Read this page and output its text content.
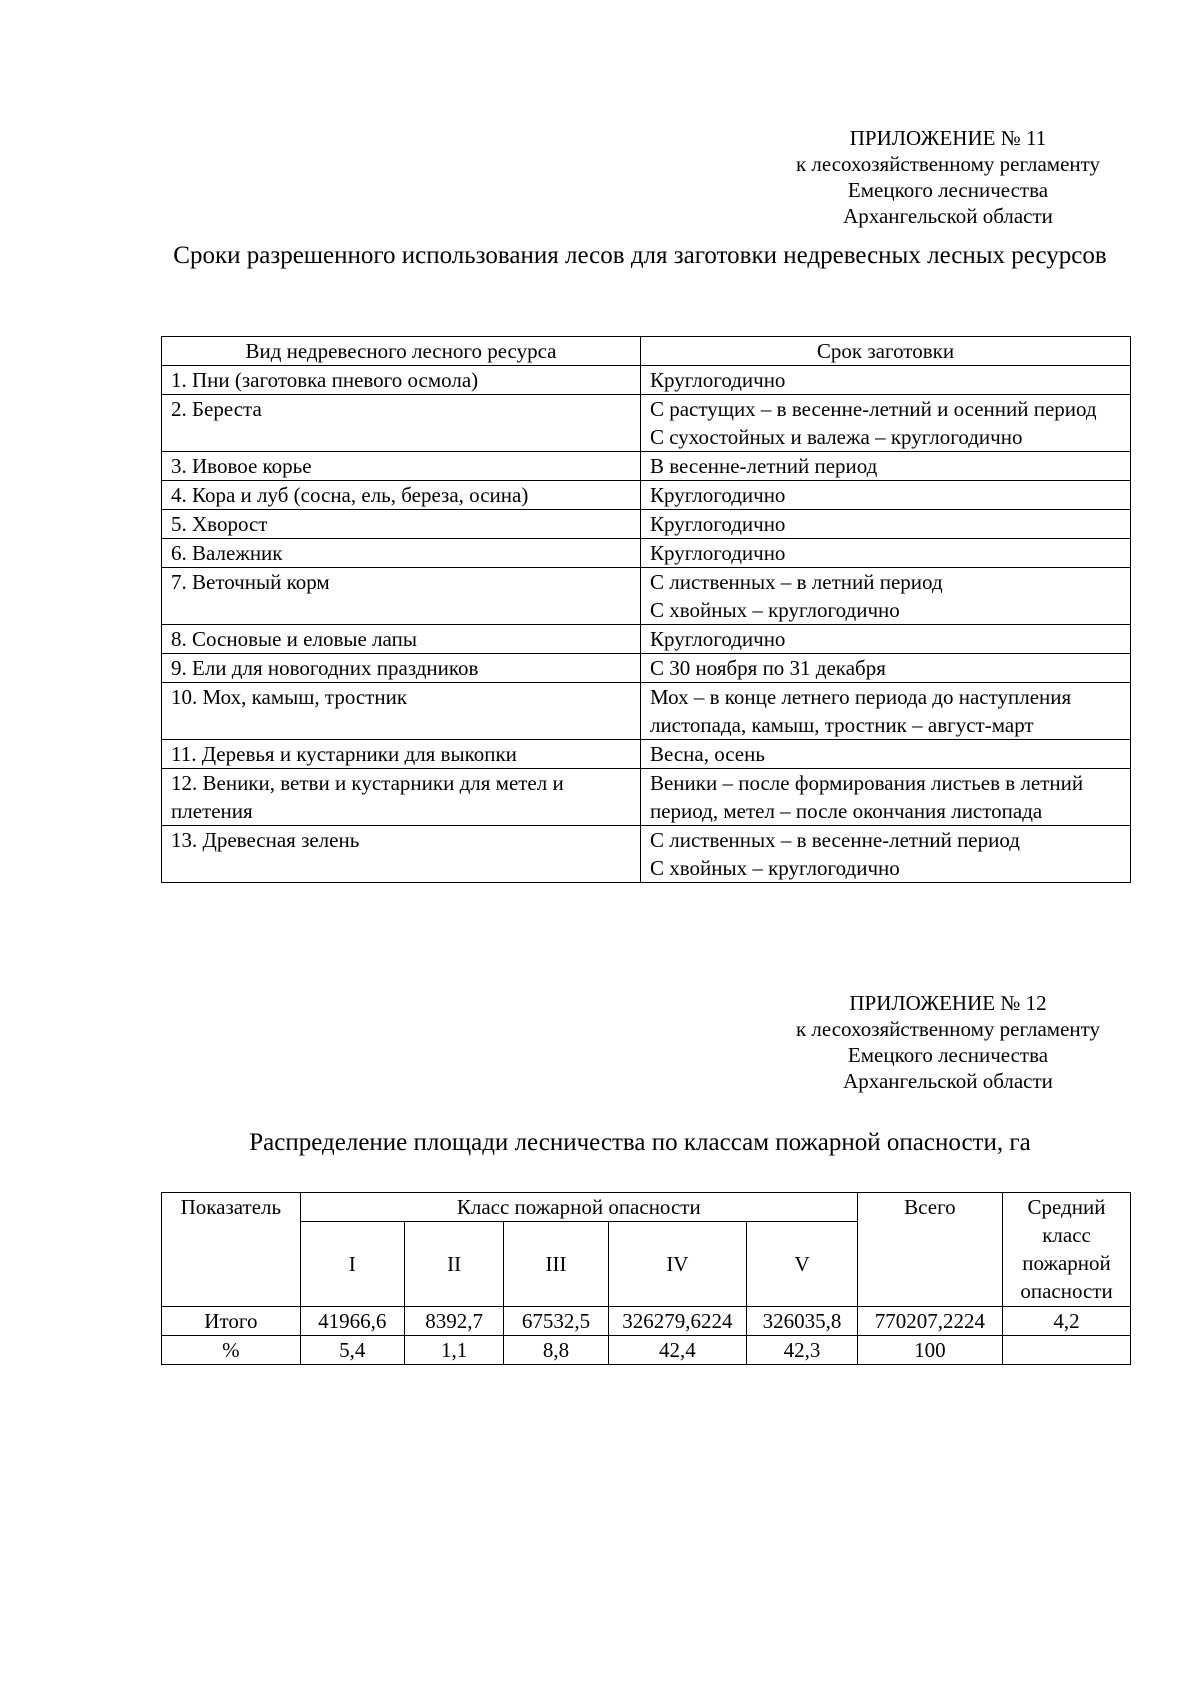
ПРИЛОЖЕНИЕ № 11
к лесохозяйственному регламенту
Емецкого лесничества
Архангельской области
Сроки разрешенного использования лесов для заготовки недревесных лесных ресурсов
Вид недревесного лесного ресурса	Срок заготовки
1. Пни (заготовка пневого осмола)	Круглогодично

2. Береста	С растущих – в весенне-летний и осенний период
С сухостойных и валежа – круглогодично

3. Ивовое корье	В весенне-летний период

4. Кора и луб (сосна, ель, береза, осина)	Круглогодично

5. Хворост	Круглогодично

6. Валежник	Круглогодично

7. Веточный корм	С лиственных – в летний период
С хвойных – круглогодично

8. Сосновые и еловые лапы	Круглогодично

9. Ели для новогодних праздников	С 30 ноября по 31 декабря

10. Мох, камыш, тростник	Мох – в конце летнего периода до наступления листопада, камыш, тростник – август-март

11. Деревья и кустарники для выкопки	Весна, осень

12. Веники, ветви и кустарники для метел и плетения	Веники – после формирования листьев в летний период, метел – после окончания листопада

13. Древесная зелень	С лиственных – в весенне-летний период
С хвойных – круглогодично
ПРИЛОЖЕНИЕ № 12
к лесохозяйственному регламенту
Емецкого лесничества
Архангельской области
Распределение площади лесничества по классам пожарной опасности, га
Показатель	Класс пожарной опасности					Всего	Средний класс пожарной опасности
	I	II	III	IV	V		
Итого	41966,6	8392,7	67532,5	326279,6224	326035,8	770207,2224	4,2
%	5,4	1,1	8,8	42,4	42,3	100	
